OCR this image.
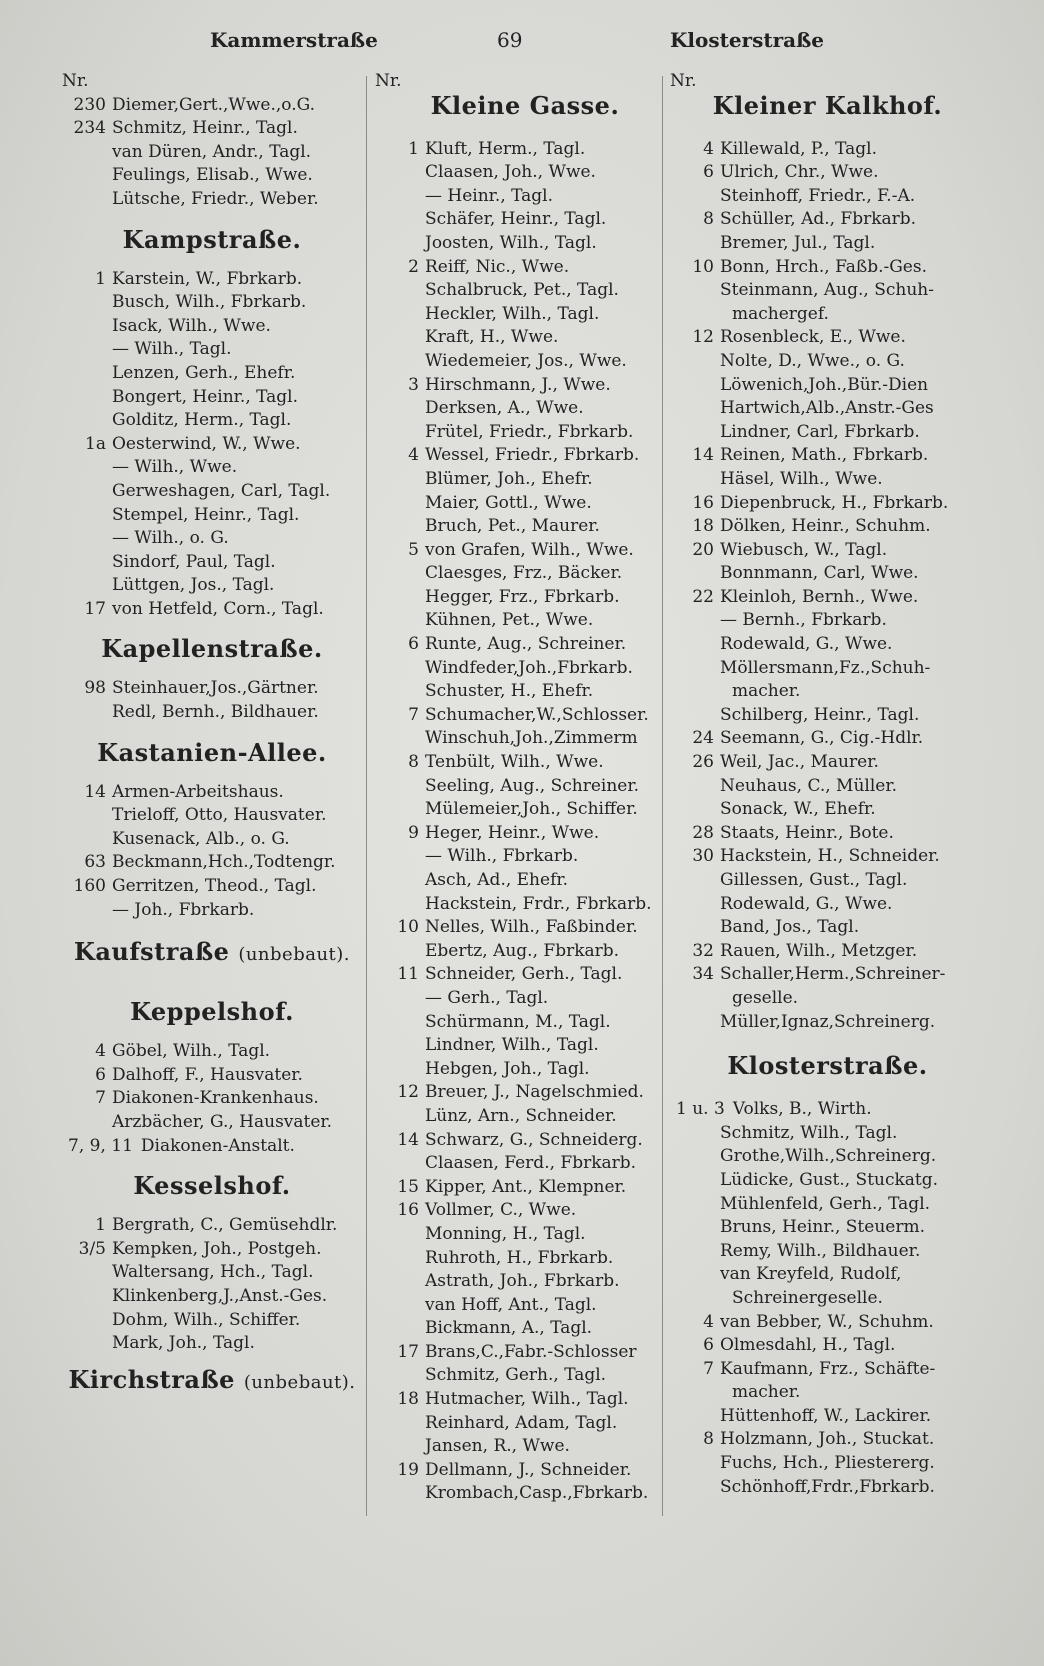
Kammerstraße	69	Klosterstraße
Nr.
230 Diemer,Gert.,Wwe.,o.G.
234 Schmitz, Heinr., Tagl.
van Düren, Andr., Tagl.
Feulings, Elisab., Wwe.
Lütsche, Friedr., Weber.
Kampstraße.
1 Karstein, W., Fbrkarb.
Busch, Wilh., Fbrkarb.
Isack, Wilh., Wwe.
— Wilh., Tagl.
Lenzen, Gerh., Ehefr.
Bongert, Heinr., Tagl.
Golditz, Herm., Tagl.
1a Oesterwind, W., Wwe.
— Wilh., Wwe.
Gerweshagen, Carl, Tagl.
Stempel, Heinr., Tagl.
— Wilh., o. G.
Sindorf, Paul, Tagl.
Lüttgen, Jos., Tagl.
17 von Hetfeld, Corn., Tagl.
Kapellenstraße.
98 Steinhauer,Jos.,Gärtner.
Redl, Bernh., Bildhauer.
Kastanien-Allee.
14 Armen-Arbeitshaus.
Trieloff, Otto, Hausvater.
Kusenack, Alb., o. G.
63 Beckmann,Hch.,Todtengr.
160 Gerritzen, Theod., Tagl.
— Joh., Fbrkarb.
Kaufstraße (unbebaut).
Keppelshof.
4 Göbel, Wilh., Tagl.
6 Dalhoff, F., Hausvater.
7 Diakonen-Krankenhaus.
Arzbächer, G., Hausvater.
7, 9, 11 Diakonen-Anstalt.
Kesselshof.
1 Bergrath, C., Gemüsehdlr.
3/5 Kempken, Joh., Postgeh.
Waltersang, Hch., Tagl.
Klinkenberg,J.,Anst.-Ges.
Dohm, Wilh., Schiffer.
Mark, Joh., Tagl.
Kirchstraße (unbebaut).
Nr.
Kleine Gasse.
1 Kluft, Herm., Tagl.
Claasen, Joh., Wwe.
— Heinr., Tagl.
Schäfer, Heinr., Tagl.
Joosten, Wilh., Tagl.
2 Reiff, Nic., Wwe.
Schalbruck, Pet., Tagl.
Heckler, Wilh., Tagl.
Kraft, H., Wwe.
Wiedemeier, Jos., Wwe.
3 Hirschmann, J., Wwe.
Derksen, A., Wwe.
Frütel, Friedr., Fbrkarb.
4 Wessel, Friedr., Fbrkarb.
Blümer, Joh., Ehefr.
Maier, Gottl., Wwe.
Bruch, Pet., Maurer.
5 von Grafen, Wilh., Wwe.
Claesges, Frz., Bäcker.
Hegger, Frz., Fbrkarb.
Kühnen, Pet., Wwe.
6 Runte, Aug., Schreiner.
Windfeder,Joh.,Fbrkarb.
Schuster, H., Ehefr.
7 Schumacher,W.,Schlosser.
Winschuh,Joh.,Zimmerm
8 Tenbült, Wilh., Wwe.
Seeling, Aug., Schreiner.
Mülemeier,Joh., Schiffer.
9 Heger, Heinr., Wwe.
— Wilh., Fbrkarb.
Asch, Ad., Ehefr.
Hackstein, Frdr., Fbrkarb.
10 Nelles, Wilh., Faßbinder.
Ebertz, Aug., Fbrkarb.
11 Schneider, Gerh., Tagl.
— Gerh., Tagl.
Schürmann, M., Tagl.
Lindner, Wilh., Tagl.
Hebgen, Joh., Tagl.
12 Breuer, J., Nagelschmied.
Lünz, Arn., Schneider.
14 Schwarz, G., Schneiderg.
Claasen, Ferd., Fbrkarb.
15 Kipper, Ant., Klempner.
16 Vollmer, C., Wwe.
Monning, H., Tagl.
Ruhroth, H., Fbrkarb.
Astrath, Joh., Fbrkarb.
van Hoff, Ant., Tagl.
Bickmann, A., Tagl.
17 Brans,C.,Fabr.-Schlosser
Schmitz, Gerh., Tagl.
18 Hutmacher, Wilh., Tagl.
Reinhard, Adam, Tagl.
Jansen, R., Wwe.
19 Dellmann, J., Schneider.
Krombach,Casp.,Fbrkarb.
Nr.
Kleiner Kalkhof.
4 Killewald, P., Tagl.
6 Ulrich, Chr., Wwe.
Steinhoff, Friedr., F.-A.
8 Schüller, Ad., Fbrkarb.
Bremer, Jul., Tagl.
10 Bonn, Hrch., Faßb.-Ges.
Steinmann, Aug., Schuh-
machergef.
12 Rosenbleck, E., Wwe.
Nolte, D., Wwe., o. G.
Löwenich,Joh.,Bür.-Dien
Hartwich,Alb.,Anstr.-Ges
Lindner, Carl, Fbrkarb.
14 Reinen, Math., Fbrkarb.
Häsel, Wilh., Wwe.
16 Diepenbruck, H., Fbrkarb.
18 Dölken, Heinr., Schuhm.
20 Wiebusch, W., Tagl.
Bonnmann, Carl, Wwe.
22 Kleinloh, Bernh., Wwe.
— Bernh., Fbrkarb.
Rodewald, G., Wwe.
Möllersmann,Fz.,Schuh-
macher.
Schilberg, Heinr., Tagl.
24 Seemann, G., Cig.-Hdlr.
26 Weil, Jac., Maurer.
Neuhaus, C., Müller.
Sonack, W., Ehefr.
28 Staats, Heinr., Bote.
30 Hackstein, H., Schneider.
Gillessen, Gust., Tagl.
Rodewald, G., Wwe.
Band, Jos., Tagl.
32 Rauen, Wilh., Metzger.
34 Schaller,Herm.,Schreiner-
geselle.
Müller,Ignaz,Schreinerg.
Klosterstraße.
1 u. 3 Volks, B., Wirth.
Schmitz, Wilh., Tagl.
Grothe,Wilh.,Schreinerg.
Lüdicke, Gust., Stuckatg.
Mühlenfeld, Gerh., Tagl.
Bruns, Heinr., Steuerm.
Remy, Wilh., Bildhauer.
van Kreyfeld, Rudolf,
Schreinergeselle.
4 van Bebber, W., Schuhm.
6 Olmesdahl, H., Tagl.
7 Kaufmann, Frz., Schäfte-
macher.
Hüttenhoff, W., Lackirer.
8 Holzmann, Joh., Stuckat.
Fuchs, Hch., Pliestererg.
Schönhoff,Frdr.,Fbrkarb.
